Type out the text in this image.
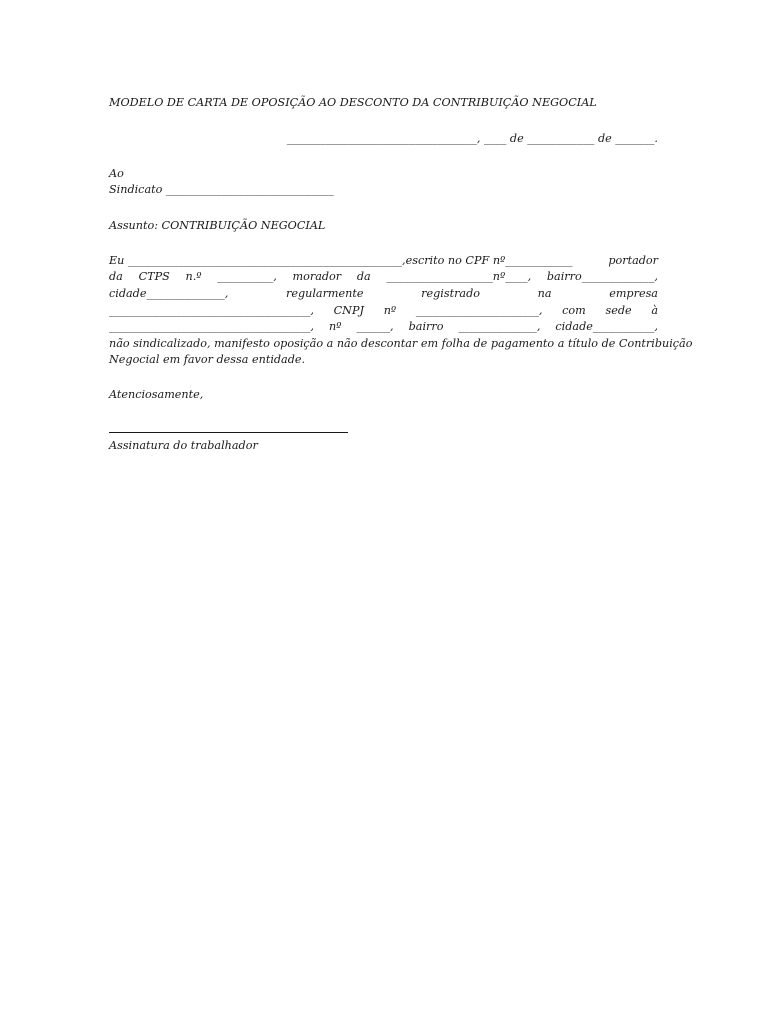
MODELO DE CARTA DE OPOSIÇÃO AO DESCONTO DA CONTRIBUIÇÃO NEGOCIAL
__________________________________, ____ de ____________ de _______.
Ao
Sindicato ______________________________
Assunto: CONTRIBUIÇÃO NEGOCIAL
Eu _________________________________________________,escrito no CPF nº____________	portador
da CTPS n.º __________, morador da ___________________nº____, bairro_____________,
cidade______________,	regularmente	registrado	na	empresa
____________________________________, CNPJ nº ______________________, com sede à
____________________________________, nº ______, bairro ______________, cidade___________,
não sindicalizado, manifesto oposição a não descontar em folha de pagamento a título de Contribuição
Negocial em favor dessa entidade.
Atenciosamente,
Assinatura do trabalhador
